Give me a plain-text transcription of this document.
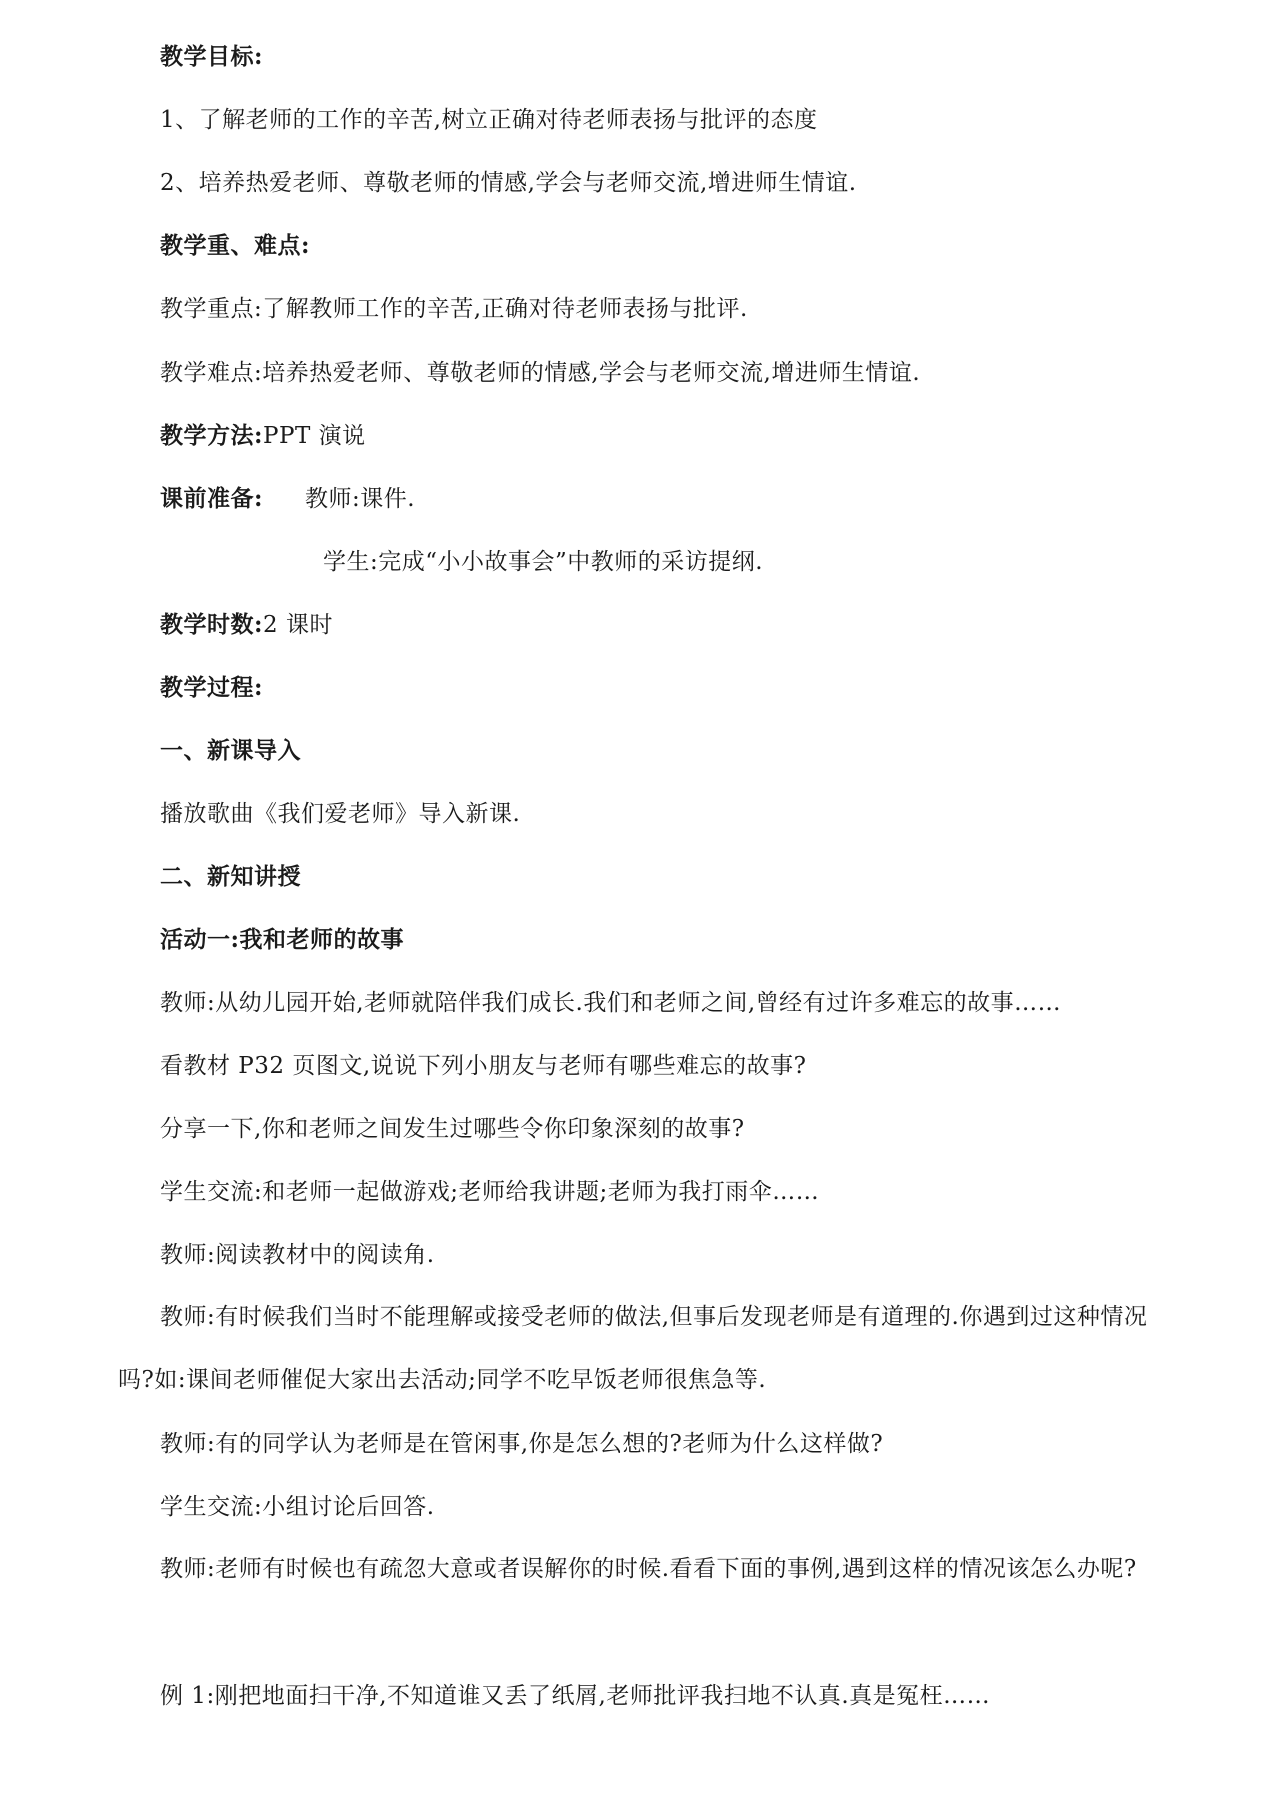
教学目标:
1、了解老师的工作的辛苦,树立正确对待老师表扬与批评的态度
2、培养热爱老师、尊敬老师的情感,学会与老师交流,增进师生情谊.
教学重、难点:
教学重点:了解教师工作的辛苦,正确对待老师表扬与批评.
教学难点:培养热爱老师、尊敬老师的情感,学会与老师交流,增进师生情谊.
教学方法:PPT 演说
课前准备: 教师:课件.
学生:完成“小小故事会”中教师的采访提纲.
教学时数:2 课时
教学过程:
一、新课导入
播放歌曲《我们爱老师》导入新课.
二、新知讲授
活动一:我和老师的故事
教师:从幼儿园开始,老师就陪伴我们成长.我们和老师之间,曾经有过许多难忘的故事……
看教材 P32 页图文,说说下列小朋友与老师有哪些难忘的故事?
分享一下,你和老师之间发生过哪些令你印象深刻的故事?
学生交流:和老师一起做游戏;老师给我讲题;老师为我打雨伞……
教师:阅读教材中的阅读角.
教师:有时候我们当时不能理解或接受老师的做法,但事后发现老师是有道理的.你遇到过这种情况吗?如:课间老师催促大家出去活动;同学不吃早饭老师很焦急等.
教师:有的同学认为老师是在管闲事,你是怎么想的?老师为什么这样做?
学生交流:小组讨论后回答.
教师:老师有时候也有疏忽大意或者误解你的时候.看看下面的事例,遇到这样的情况该怎么办呢?
例 1:刚把地面扫干净,不知道谁又丢了纸屑,老师批评我扫地不认真.真是冤枉……
